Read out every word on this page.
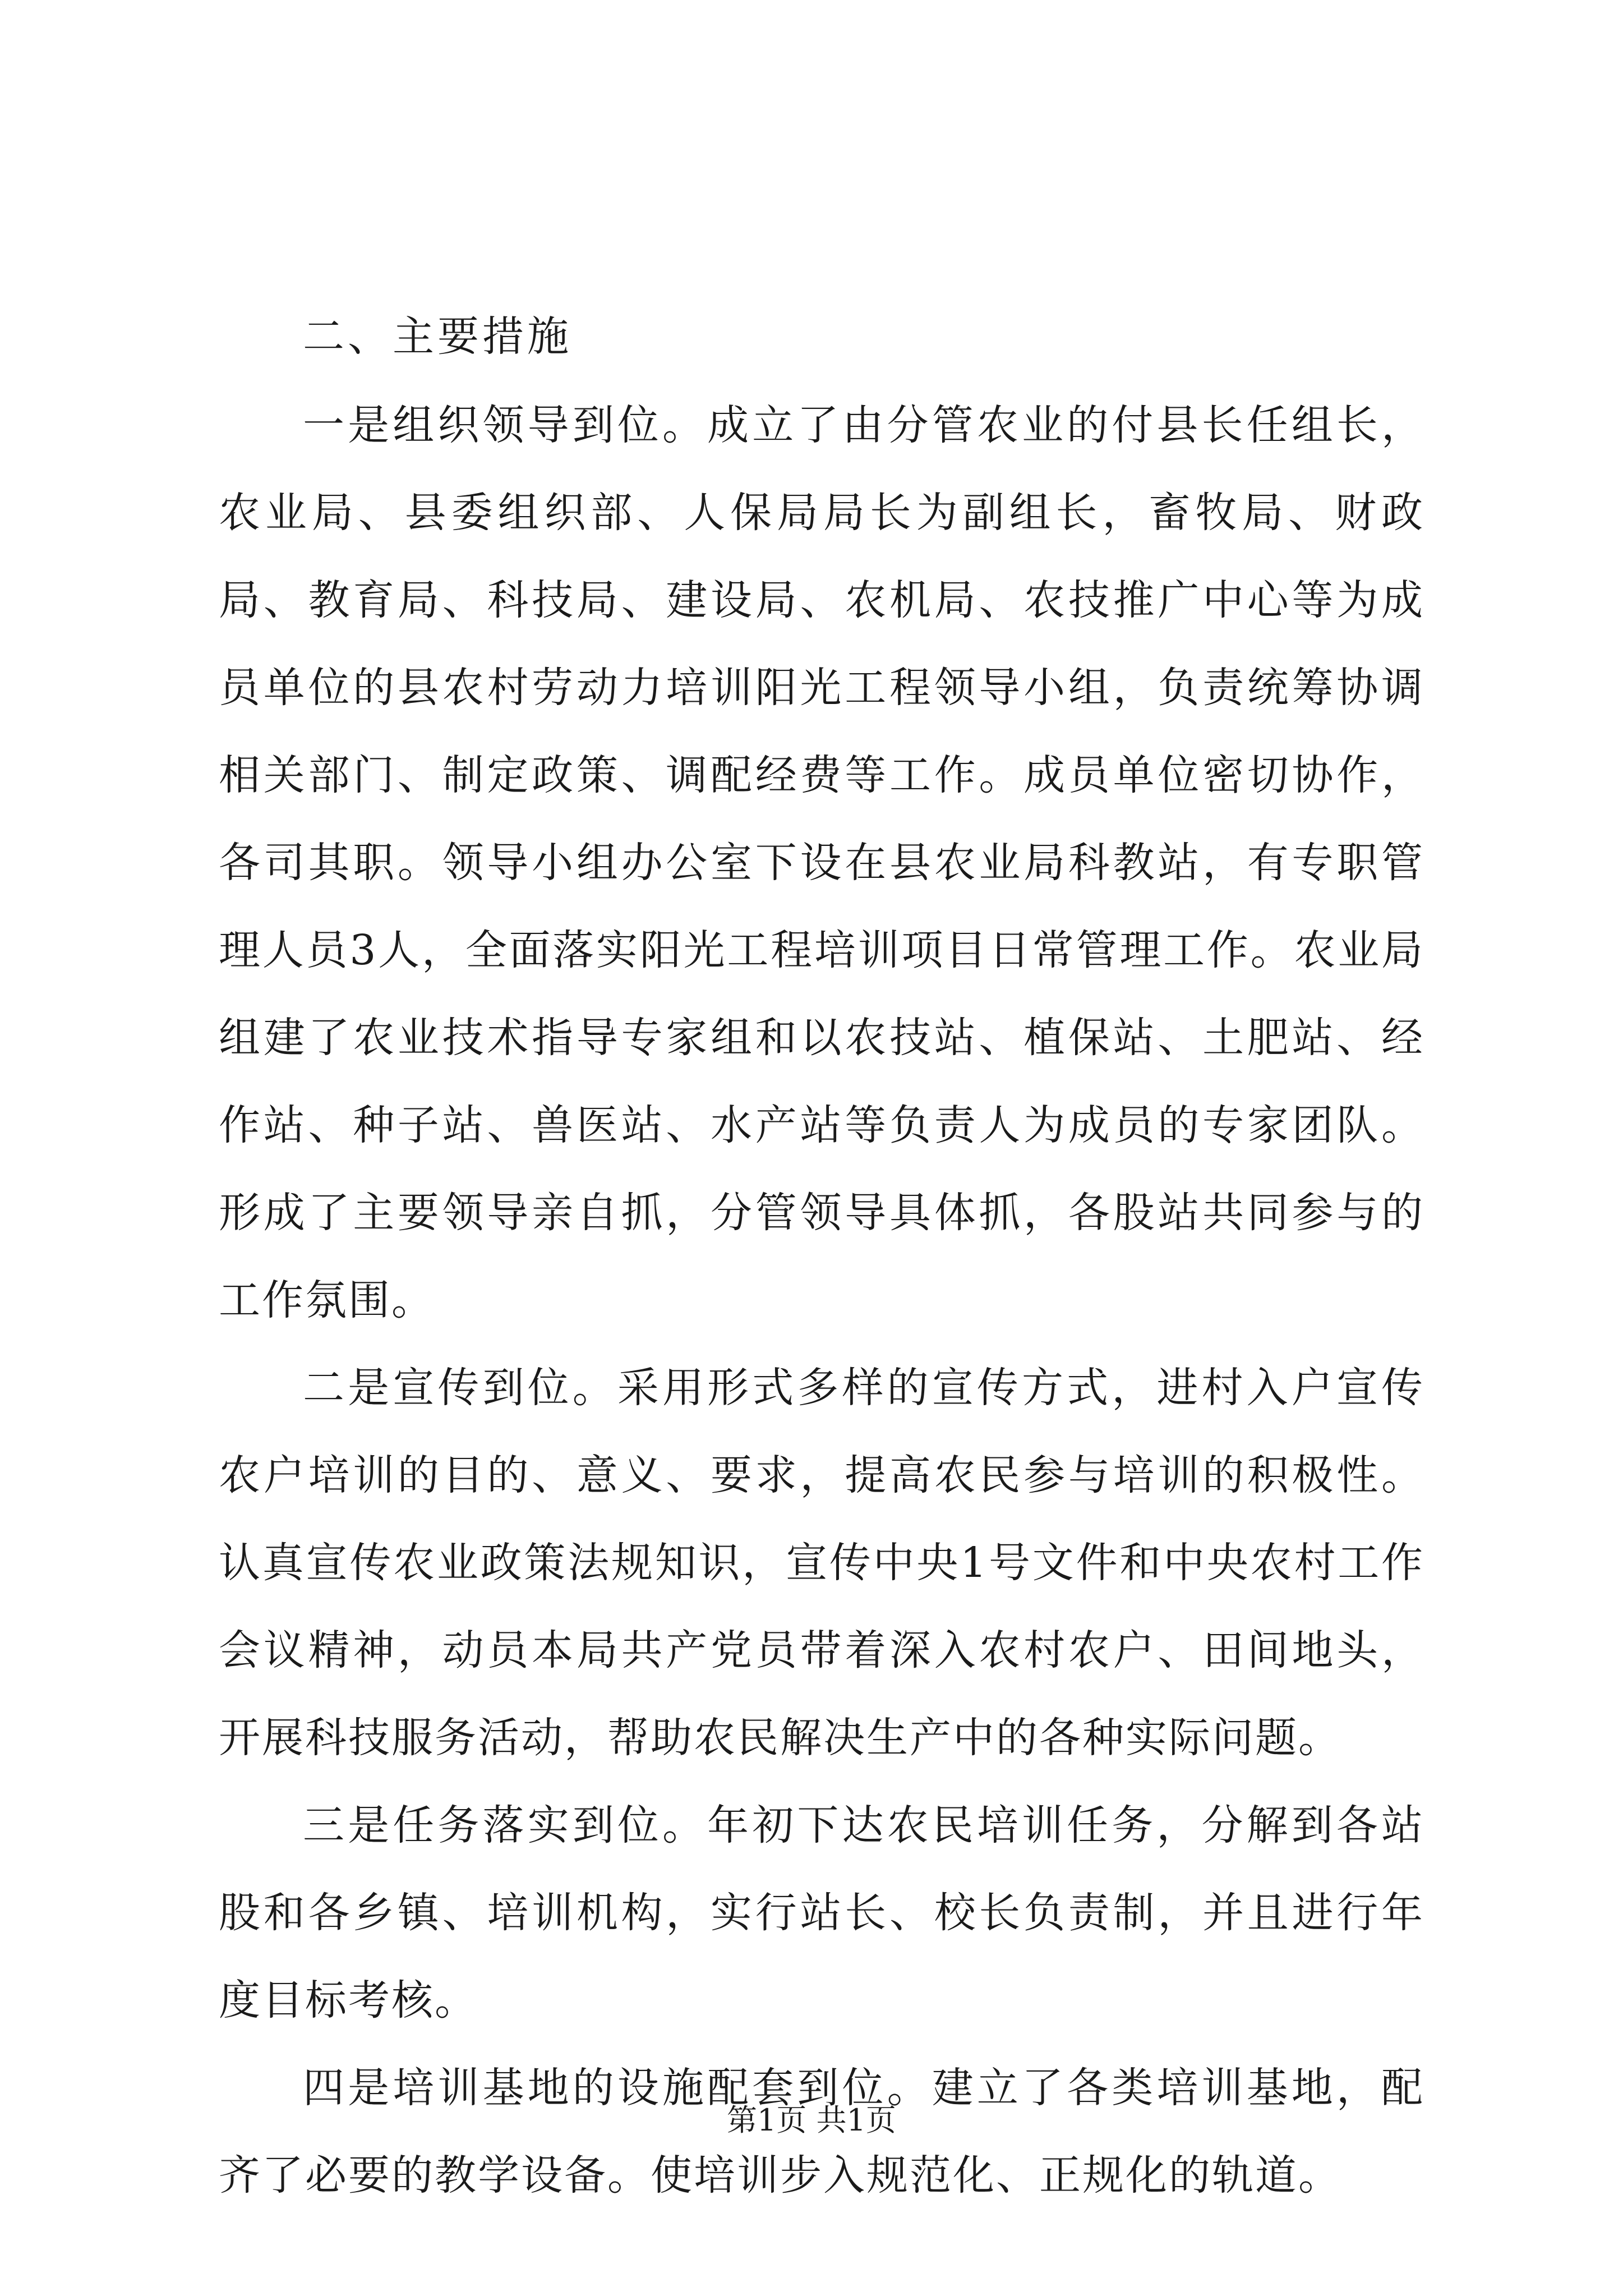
二、主要措施

一是组织领导到位。成立了由分管农业的付县长任组长，农业局、县委组织部、人保局局长为副组长，畜牧局、财政局、教育局、科技局、建设局、农机局、农技推广中心等为成员单位的县农村劳动力培训阳光工程领导小组，负责统筹协调相关部门、制定政策、调配经费等工作。成员单位密切协作，各司其职。领导小组办公室下设在县农业局科教站，有专职管理人员3人，全面落实阳光工程培训项目日常管理工作。农业局组建了农业技术指导专家组和以农技站、植保站、土肥站、经作站、种子站、兽医站、水产站等负责人为成员的专家团队。形成了主要领导亲自抓，分管领导具体抓，各股站共同参与的工作氛围。

二是宣传到位。采用形式多样的宣传方式，进村入户宣传农户培训的目的、意义、要求，提高农民参与培训的积极性。认真宣传农业政策法规知识，宣传中央1号文件和中央农村工作会议精神，动员本局共产党员带着深入农村农户、田间地头，开展科技服务活动，帮助农民解决生产中的各种实际问题。

三是任务落实到位。年初下达农民培训任务，分解到各站股和各乡镇、培训机构，实行站长、校长负责制，并且进行年度目标考核。

四是培训基地的设施配套到位。建立了各类培训基地，配齐了必要的教学设备。使培训步入规范化、正规化的轨道。

第1页 共1页
